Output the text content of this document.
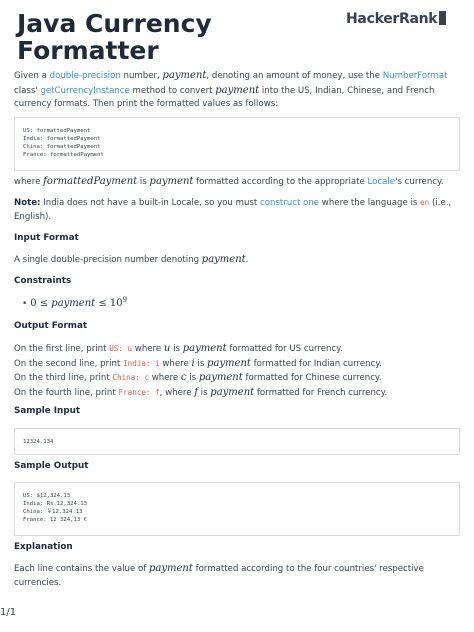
Java Currency
Formatter
HackerRank
Given a double-precision number, payment, denoting an amount of money, use the NumberFormat class' getCurrencyInstance method to convert payment into the US, Indian, Chinese, and French currency formats. Then print the formatted values as follows:
US: formattedPayment
India: formattedPayment
China: formattedPayment
France: formattedPayment
where formattedPayment is payment formatted according to the appropriate Locale's currency.
Note: India does not have a built-in Locale, so you must construct one where the language is en (i.e., English).
Input Format
A single double-precision number denoting payment.
Constraints
• 0 ≤ payment ≤ $10^9$
Output Format
On the first line, print US: u where u is payment formatted for US currency.
On the second line, print India: i where i is payment formatted for Indian currency.
On the third line, print China: c where c is payment formatted for Chinese currency.
On the fourth line, print France: f, where f is payment formatted for French currency.
Sample Input
12324.134
Sample Output
US: $12,324.13
India: Rs.12,324.13
China: ￥12,324.13
France: 12 324,13 €
Explanation
Each line contains the value of payment formatted according to the four countries' respective currencies.
1/1
